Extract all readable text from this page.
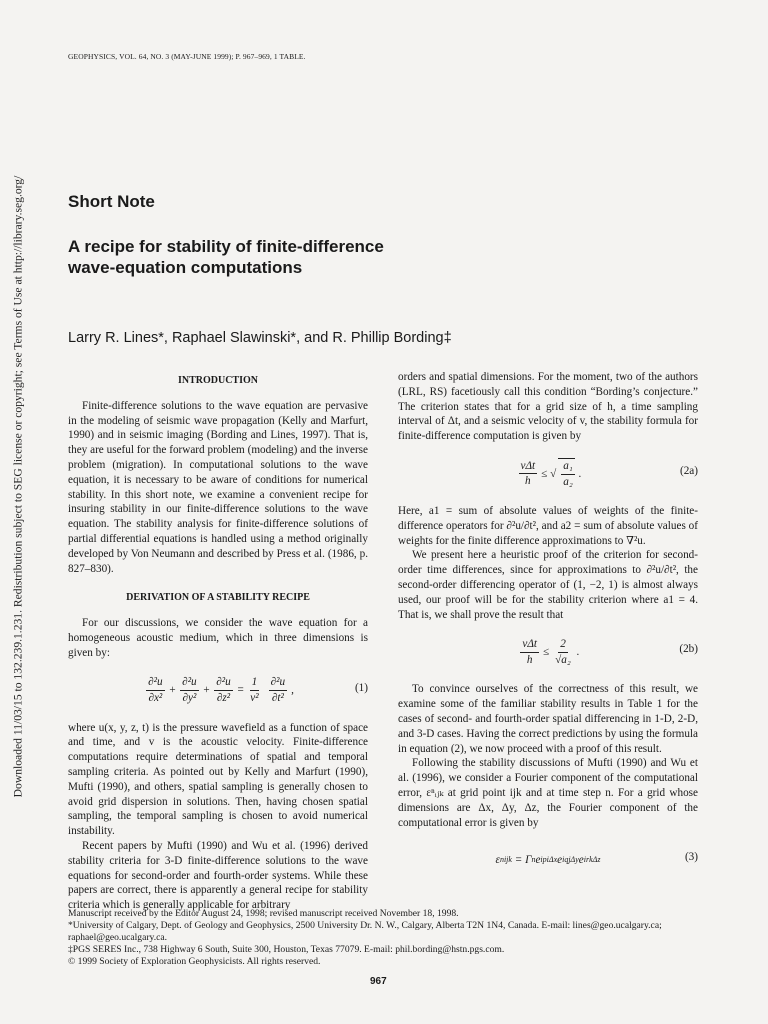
Downloaded 11/03/15 to 132.239.1.231. Redistribution subject to SEG license or copyright; see Terms of Use at http://library.seg.org/
GEOPHYSICS, VOL. 64, NO. 3 (MAY-JUNE 1999); P. 967–969, 1 TABLE.
Short Note
A recipe for stability of finite-difference
wave-equation computations
Larry R. Lines*, Raphael Slawinski*, and R. Phillip Bording‡
INTRODUCTION

Finite-difference solutions to the wave equation are pervasive in the modeling of seismic wave propagation (Kelly and Marfurt, 1990) and in seismic imaging (Bording and Lines, 1997). That is, they are useful for the forward problem (modeling) and the inverse problem (migration). In computational solutions to the wave equation, it is necessary to be aware of conditions for numerical stability. In this short note, we examine a convenient recipe for insuring stability in our finite-difference solutions to the wave equation. The stability analysis for finite-difference solutions of partial differential equations is handled using a method originally developed by Von Neumann and described by Press et al. (1986, p. 827–830).

DERIVATION OF A STABILITY RECIPE

For our discussions, we consider the wave equation for a homogeneous acoustic medium, which in three dimensions is given by:

$\frac{\text{∂²u}}{\text{∂x²}} + \frac{\text{∂²u}}{\text{∂y²}} + \frac{\text{∂²u}}{\text{∂z²}} = \frac{1}{\text{v²}} \frac{\text{∂²u}}{\text{∂t²}}$ ,	(1)

where u(x, y, z, t) is the pressure wavefield as a function of space and time, and v is the acoustic velocity. Finite-difference computations require determinations of spatial and temporal sampling criteria. As pointed out by Kelly and Marfurt (1990), Mufti (1990), and others, spatial sampling is generally chosen to avoid grid dispersion in solutions. Then, having chosen spatial sampling, the temporal sampling is chosen to avoid numerical instability.

Recent papers by Mufti (1990) and Wu et al. (1996) derived stability criteria for 3-D finite-difference solutions to the wave equations for second-order and fourth-order systems. While these papers are correct, there is apparently a general recipe for stability criteria which is generally applicable for arbitrary

orders and spatial dimensions. For the moment, two of the authors (LRL, RS) facetiously call this condition “Bording’s conjecture.” The criterion states that for a grid size of h, a time sampling interval of Δt, and a seismic velocity of v, the stability formula for finite-difference computation is given by

$\frac{\text{vΔt}}{h}$ ≤ √ $\frac{\text{a₁}}{\text{a₂}}$ .	(2a)

Here, a1 = sum of absolute values of weights of the finite-difference operators for ∂²u/∂t², and a2 = sum of absolute values of weights for the finite difference approximations to ∇²u.

We present here a heuristic proof of the criterion for second-order time differences, since for approximations to ∂²u/∂t², the second-order differencing operator of (1, −2, 1) is almost always used, our proof will be for the stability criterion where a1 = 4. That is, we shall prove the result that

$\frac{\text{vΔt}}{h} \le \frac{2}{\text{√a₂}}$ .	(2b)

To convince ourselves of the correctness of this result, we examine some of the familiar stability results in Table 1 for the cases of second- and fourth-order spatial differencing in 1-D, 2-D, and 3-D cases. Having the correct predictions by using the formula in equation (2), we now proceed with a proof of this result.

Following the stability discussions of Mufti (1990) and Wu et al. (1996), we consider a Fourier component of the computational error, εⁿᵢⱼₖ at grid point ijk and at time step n. For a grid whose dimensions are Δx, Δy, Δz, the Fourier component of the computational error is given by

ε n ijk = Γ n e ipiΔx e iqjΔy e irkΔz	(3)
Manuscript received by the Editor August 24, 1998; revised manuscript received November 18, 1998.
*University of Calgary, Dept. of Geology and Geophysics, 2500 University Dr. N. W., Calgary, Alberta T2N 1N4, Canada. E-mail: lines@geo.ucalgary.ca; raphael@geo.ucalgary.ca.
‡PGS SERES Inc., 738 Highway 6 South, Suite 300, Houston, Texas 77079. E-mail: phil.bording@hstn.pgs.com.
© 1999 Society of Exploration Geophysicists. All rights reserved.
967
